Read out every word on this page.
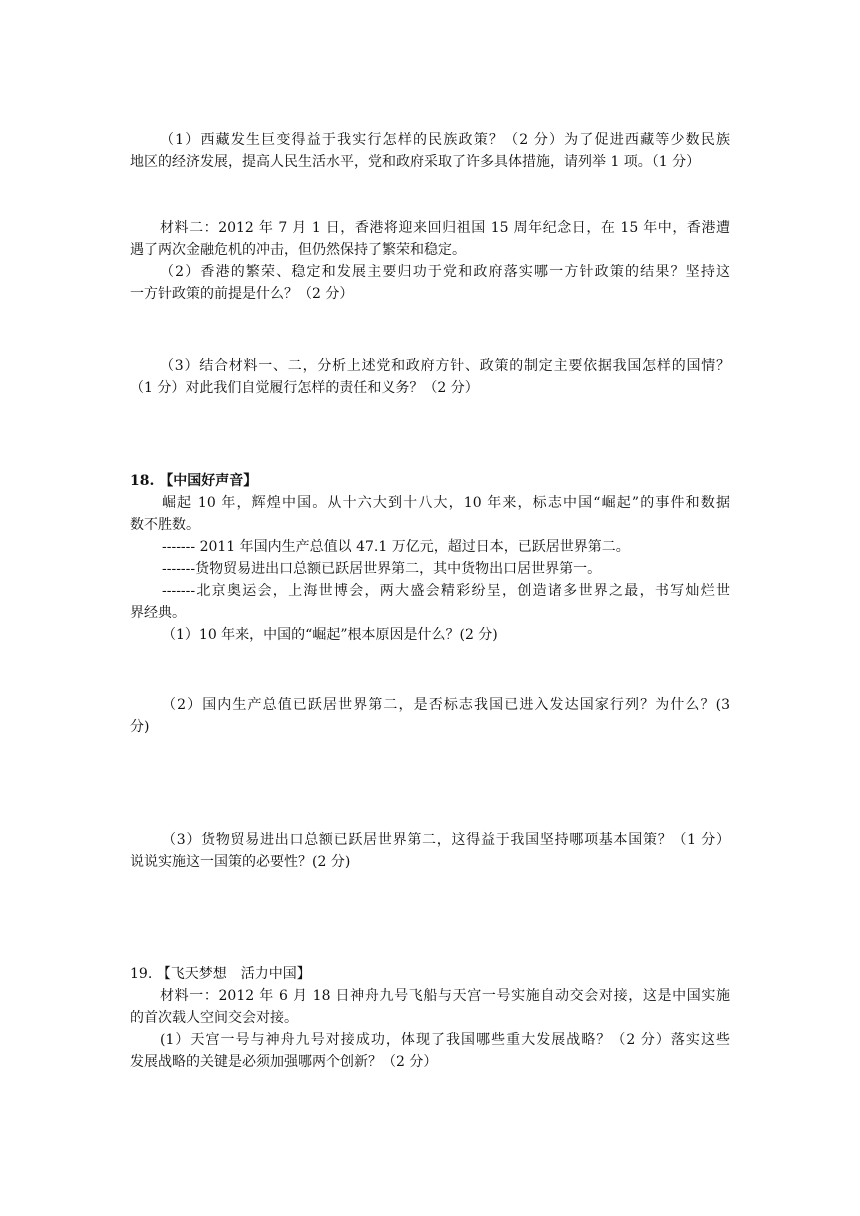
（1）西藏发生巨变得益于我实行怎样的民族政策？（2 分）为了促进西藏等少数民族

地区的经济发展，提高人民生活水平，党和政府采取了许多具体措施，请列举 1 项。（1 分）

材料二：2012 年 7 月 1 日，香港将迎来回归祖国 15 周年纪念日，在 15 年中，香港遭

遇了两次金融危机的冲击，但仍然保持了繁荣和稳定。

（2）香港的繁荣、稳定和发展主要归功于党和政府落实哪一方针政策的结果？坚持这

一方针政策的前提是什么？（2 分）

（3）结合材料一、二，分析上述党和政府方针、政策的制定主要依据我国怎样的国情？

（1 分）对此我们自觉履行怎样的责任和义务？（2 分）

18. 【中国好声音】

崛起 10 年，辉煌中国。从十六大到十八大，10 年来，标志中国“崛起”的事件和数据

数不胜数。

------- 2011 年国内生产总值以 47.1 万亿元，超过日本，已跃居世界第二。

-------货物贸易进出口总额已跃居世界第二，其中货物出口居世界第一。

-------北京奥运会，上海世博会，两大盛会精彩纷呈，创造诸多世界之最，书写灿烂世

界经典。

（1）10 年来，中国的“崛起”根本原因是什么？(2 分)

（2）国内生产总值已跃居世界第二，是否标志我国已进入发达国家行列？为什么？(3

分)

（3）货物贸易进出口总额已跃居世界第二，这得益于我国坚持哪项基本国策？（1 分）

说说实施这一国策的必要性？(2 分)

19. 【飞天梦想　活力中国】

材料一：2012 年 6 月 18 日神舟九号飞船与天宫一号实施自动交会对接，这是中国实施

的首次载人空间交会对接。

(1）天宫一号与神舟九号对接成功，体现了我国哪些重大发展战略？（2 分）落实这些

发展战略的关键是必须加强哪两个创新？（2 分）
